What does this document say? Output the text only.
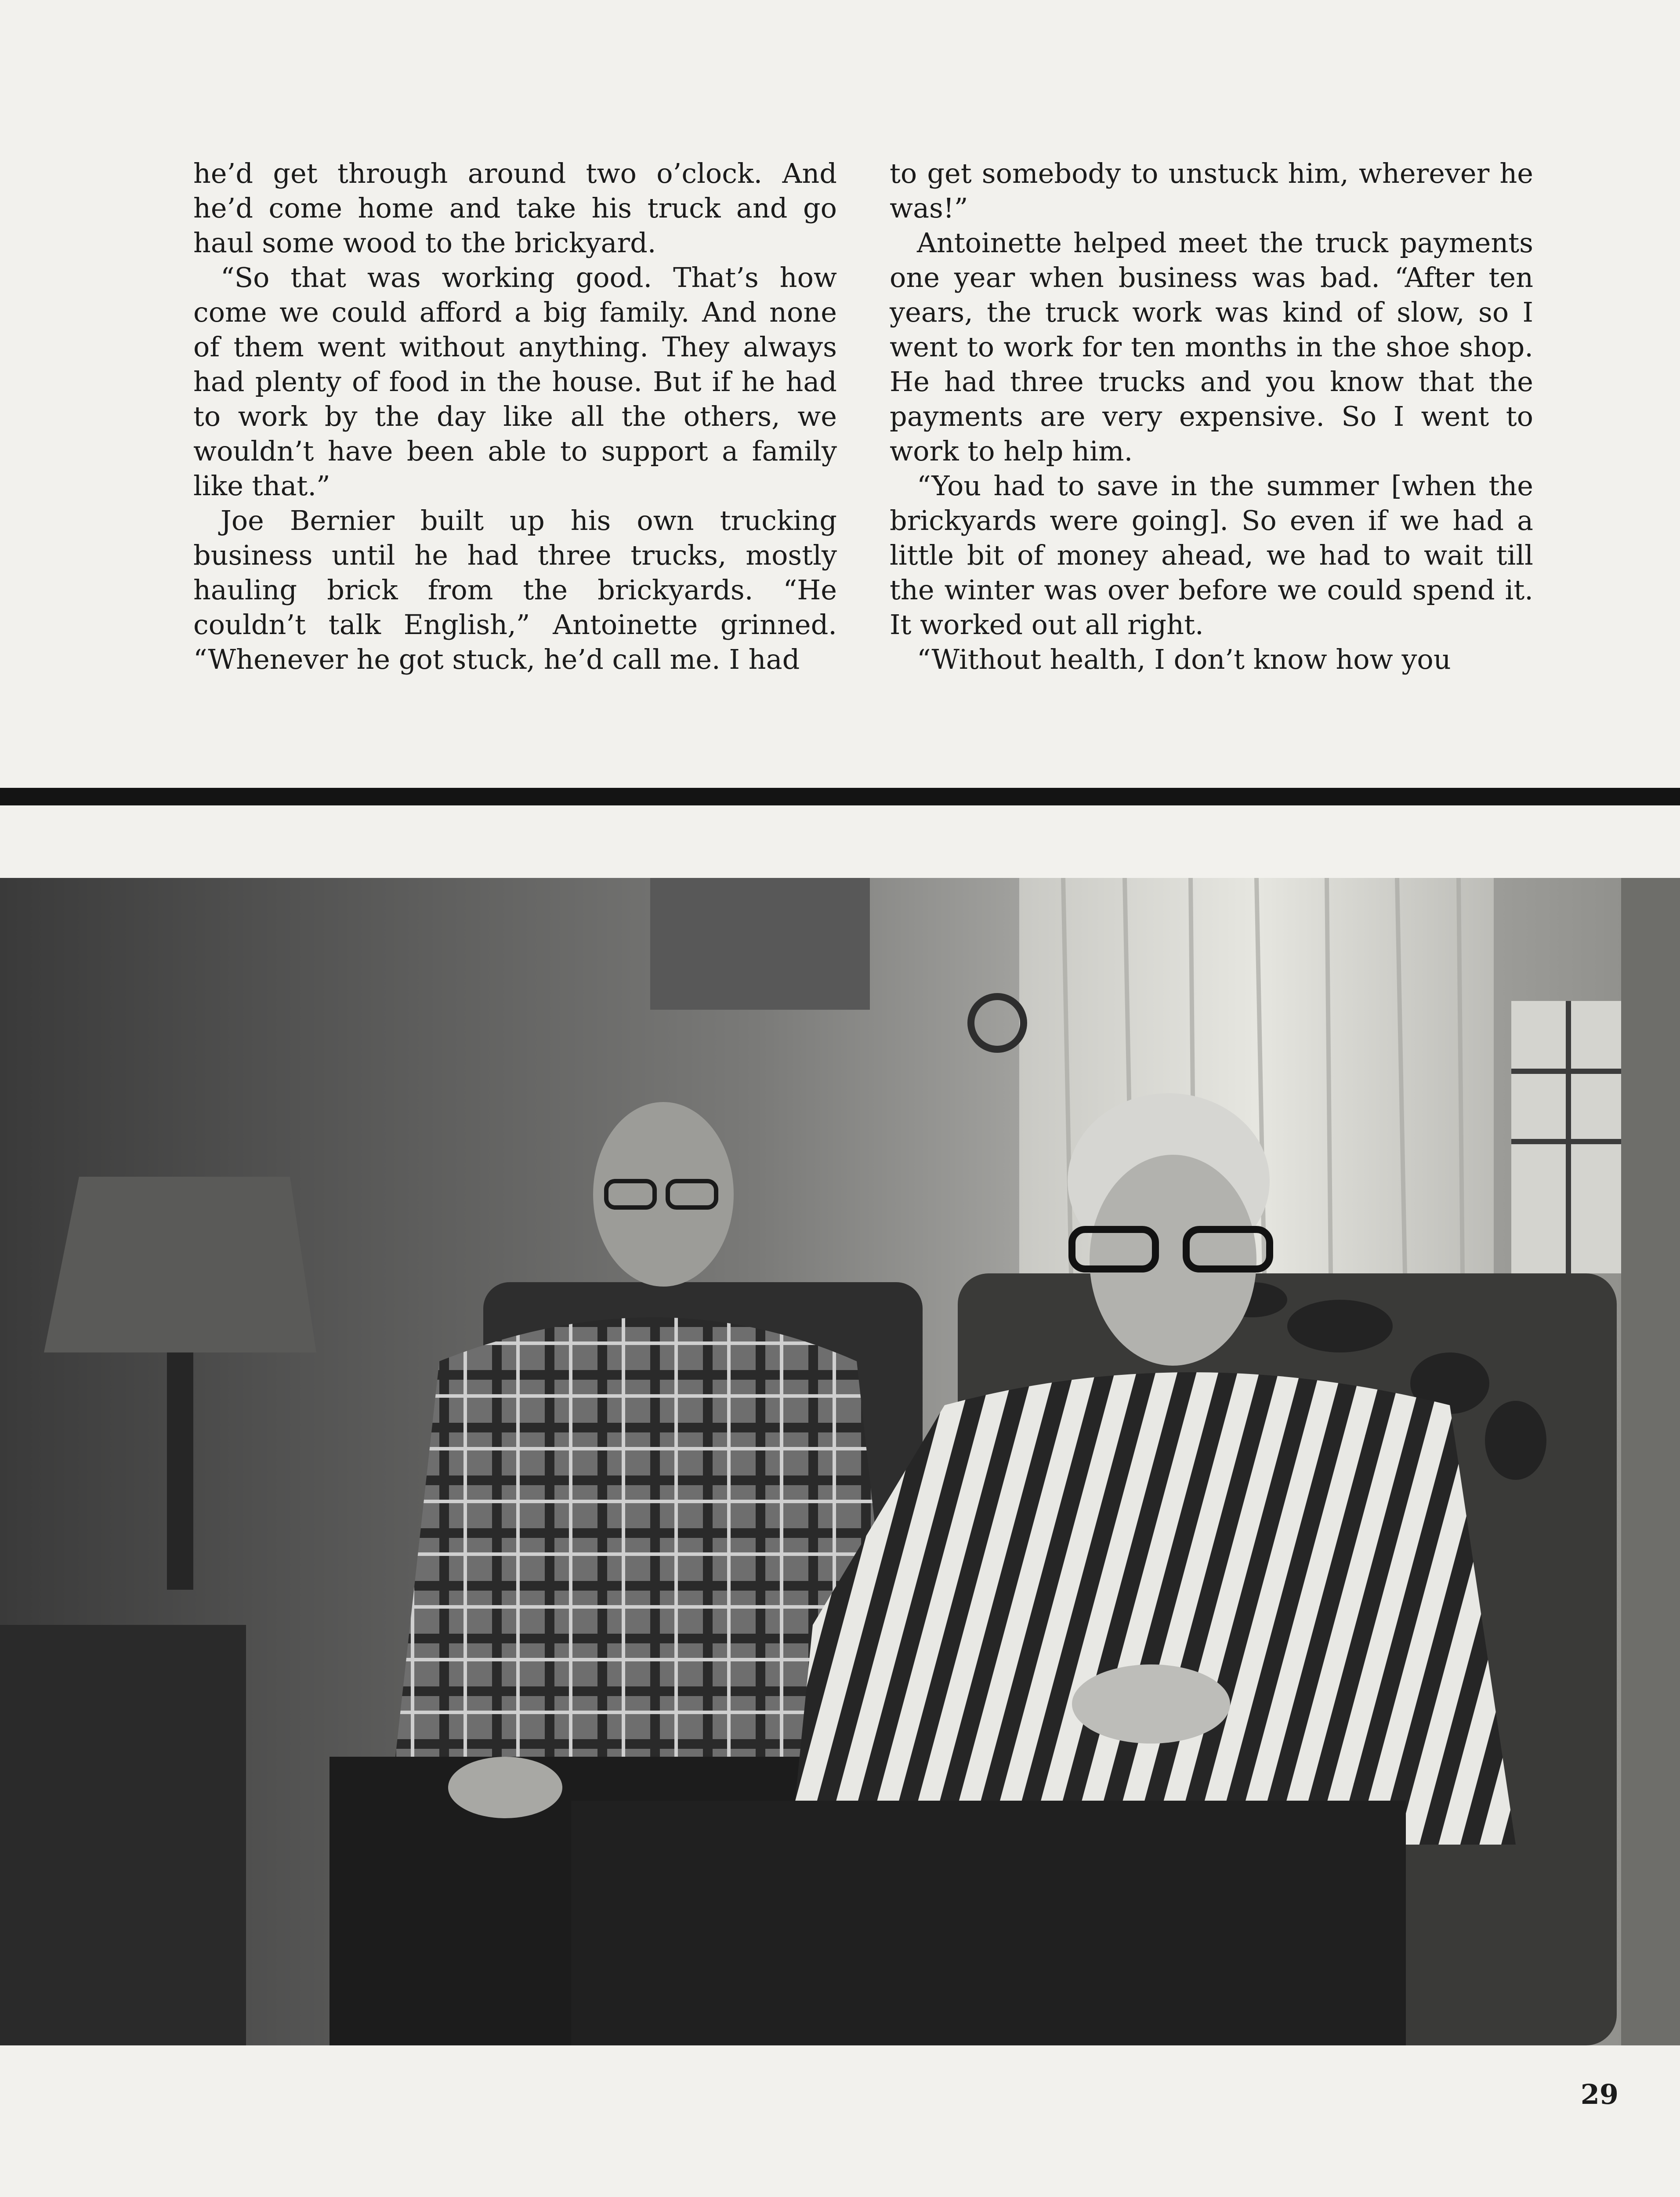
he’d get through around two o’clock. And he’d come home and take his truck and go haul some wood to the brickyard.

“So that was working good. That’s how come we could afford a big family. And none of them went without anything. They always had plenty of food in the house. But if he had to work by the day like all the others, we wouldn’t have been able to support a family like that.”

Joe Bernier built up his own trucking business until he had three trucks, mostly hauling brick from the brickyards. “He couldn’t talk English,” Antoinette grinned. “Whenever he got stuck, he’d call me. I had

to get somebody to unstuck him, wherever he was!”

Antoinette helped meet the truck payments one year when business was bad. “After ten years, the truck work was kind of slow, so I went to work for ten months in the shoe shop. He had three trucks and you know that the payments are very expensive. So I went to work to help him.

“You had to save in the summer [when the brickyards were going]. So even if we had a little bit of money ahead, we had to wait till the winter was over before we could spend it. It worked out all right.

“Without health, I don’t know how you

29
